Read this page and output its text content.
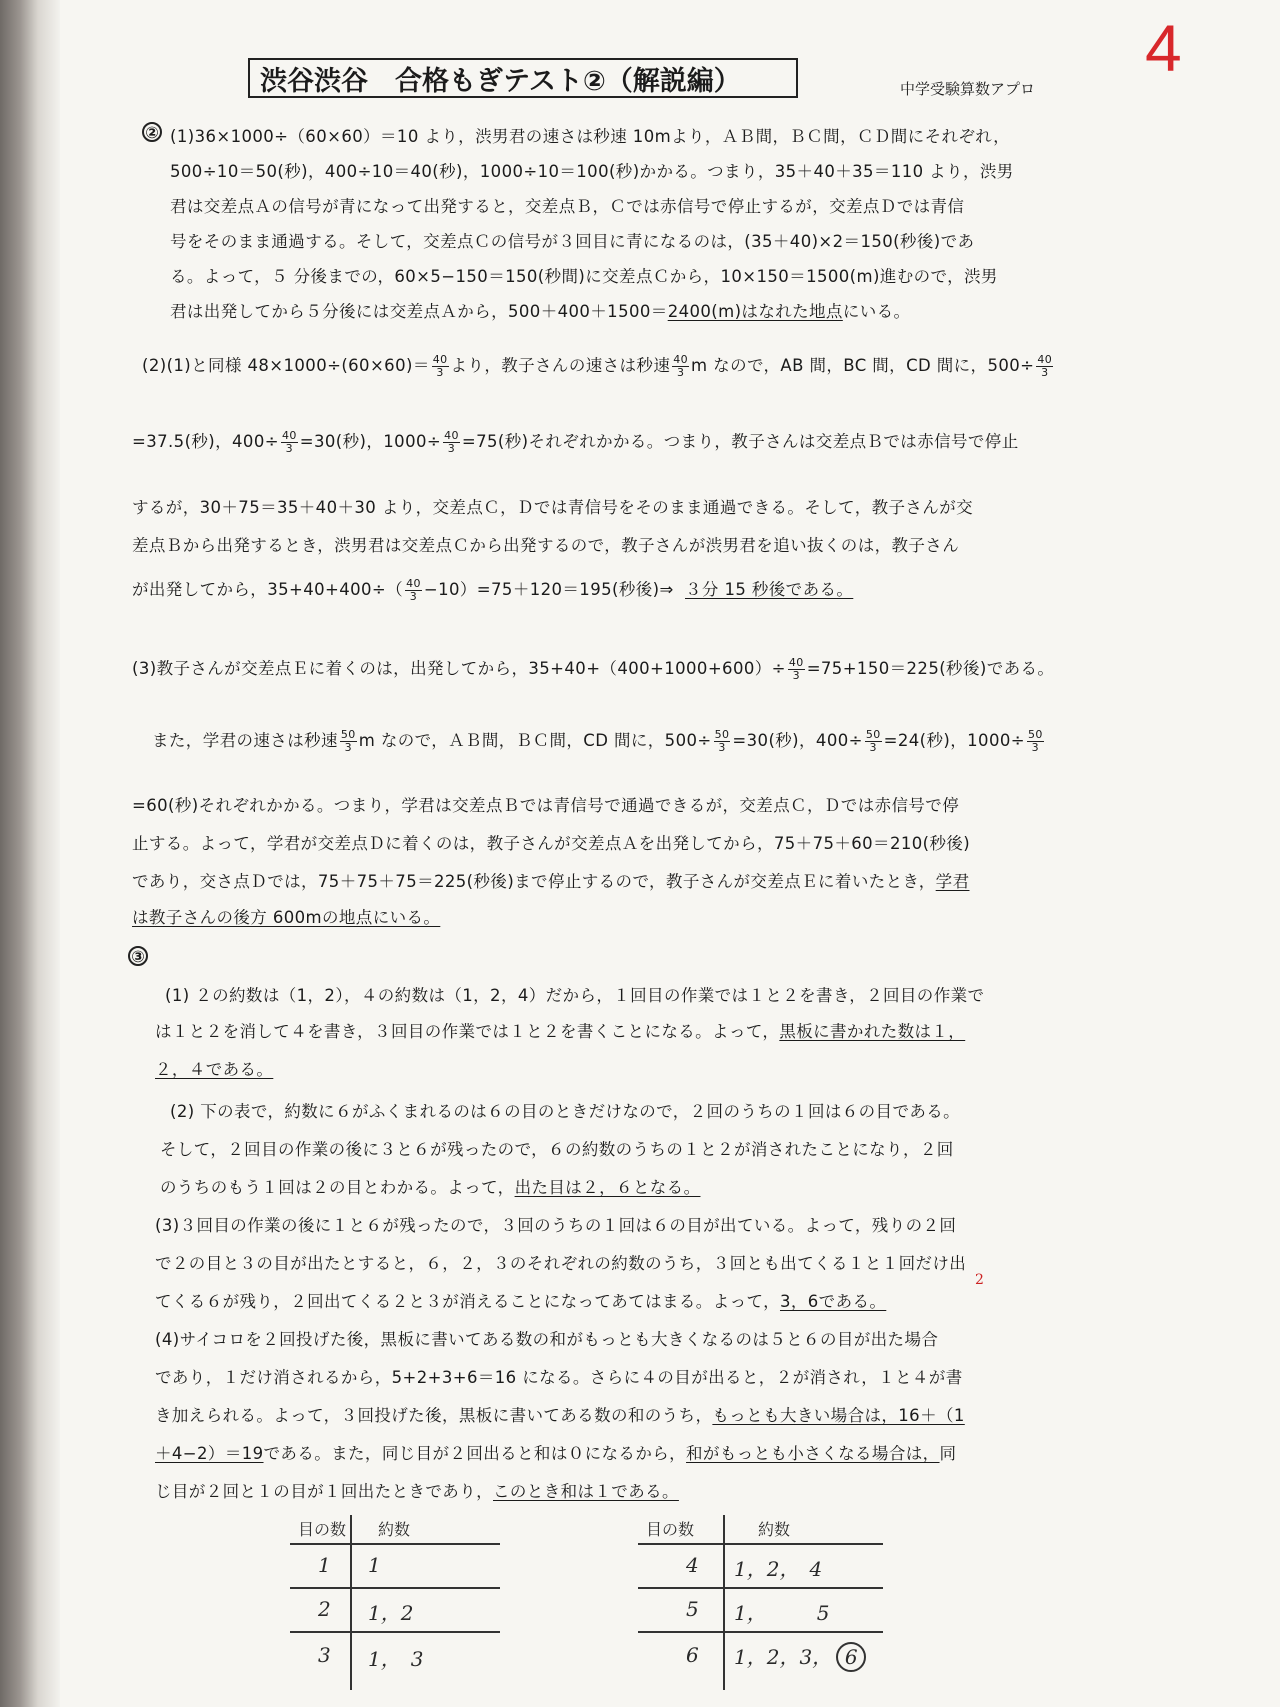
渋谷渋谷　合格もぎテスト②（解説編）	中学受験算数アプロ
4
② (1)36×1000÷（60×60）＝10 より，渋男君の速さは秒速 10mより，ＡＢ間，ＢＣ間，ＣＤ間にそれぞれ，
500÷10＝50(秒)，400÷10＝40(秒)，1000÷10＝100(秒)かかる。つまり，35＋40＋35＝110 より，渋男
君は交差点Ａの信号が青になって出発すると，交差点Ｂ，Ｃでは赤信号で停止するが，交差点Ｄでは青信
号をそのまま通過する。そして，交差点Ｃの信号が３回目に青になるのは，(35＋40)×2＝150(秒後)であ
る。よって，５ 分後までの，60×5−150＝150(秒間)に交差点Ｃから，10×150＝1500(m)進むので，渋男
君は出発してから５分後には交差点Ａから，500＋400＋1500＝2400(m)はなれた地点にいる。
(2)(1)と同様 $48\times 1000\div(60\times 60)= \frac{40}{3}$ より，教子さんの速さは秒速 $\frac{40}{3}$ m なので，AB 間，BC 間，CD 間に，$500\div \frac{40}{3}$
=37.5(秒)，$400\div \frac{40}{3} =30$(秒)，$1000\div \frac{40}{3} =75$(秒)それぞれかかる。つまり，教子さんは交差点Ｂでは赤信号で停止
するが，30＋75＝35＋40＋30 より，交差点Ｃ，Ｄでは青信号をそのまま通過できる。そして，教子さんが交
差点Ｂから出発するとき，渋男君は交差点Ｃから出発するので，教子さんが渋男君を追い抜くのは，教子さん
が出発してから，$35+40+400\div( \frac{40}{3} -10)=75+120=195$(秒後)⇒ ３分 15 秒後である。
(3)教子さんが交差点Ｅに着くのは，出発してから，$35+40+(400+1000+600)\div \frac{40}{3} =75+150=225$(秒後)である。
また，学君の速さは秒速 $\frac{50}{3}$ m なので，ＡＢ間，ＢＣ間，CD 間に，$500\div \frac{50}{3} =30$(秒)，$400\div \frac{50}{3} =24$(秒)，$1000\div \frac{50}{3}$
=60(秒)それぞれかかる。つまり，学君は交差点Ｂでは青信号で通過できるが，交差点Ｃ，Ｄでは赤信号で停
止する。よって，学君が交差点Ｄに着くのは，教子さんが交差点Ａを出発してから，75＋75＋60＝210(秒後)
であり，交さ点Ｄでは，75＋75＋75＝225(秒後)まで停止するので，教子さんが交差点Ｅに着いたとき，学君
は教子さんの後方 600mの地点にいる。
③
(1) ２の約数は（1，2），４の約数は（1，2，4）だから，１回目の作業では１と２を書き，２回目の作業で
は１と２を消して４を書き，３回目の作業では１と２を書くことになる。よって，黒板に書かれた数は１，
２，４である。
(2) 下の表で，約数に６がふくまれるのは６の目のときだけなので，２回のうちの１回は６の目である。
そして，２回目の作業の後に３と６が残ったので，６の約数のうちの１と２が消されたことになり，２回
のうちのもう１回は２の目とわかる。よって，出た目は２，６となる。
(3)３回目の作業の後に１と６が残ったので，３回のうちの１回は６の目が出ている。よって，残りの２回
で２の目と３の目が出たとすると，６，２，３のそれぞれの約数のうち，３回とも出てくる１と１回だけ出
てくる６が残り，２回出てくる２と３が消えることになってあてはまる。よって，3，6である。
2
(4)サイコロを２回投げた後，黒板に書いてある数の和がもっとも大きくなるのは５と６の目が出た場合
であり，１だけ消されるから，5+2+3+6＝16 になる。さらに４の目が出ると，２が消され，１と４が書
き加えられる。よって，３回投げた後，黒板に書いてある数の和のうち，もっとも大きい場合は，16＋（1
＋4−2）＝19である。また，同じ目が２回出ると和は０になるから，和がもっとも小さくなる場合は，同
じ目が２回と１の目が１回出たときであり，このとき和は１である。
目の数 約数
1 1
2 1，2
3 1，　3
目の数	約数
4 1，2，　4
5 1，　　　5
6 1，2，3， 6
